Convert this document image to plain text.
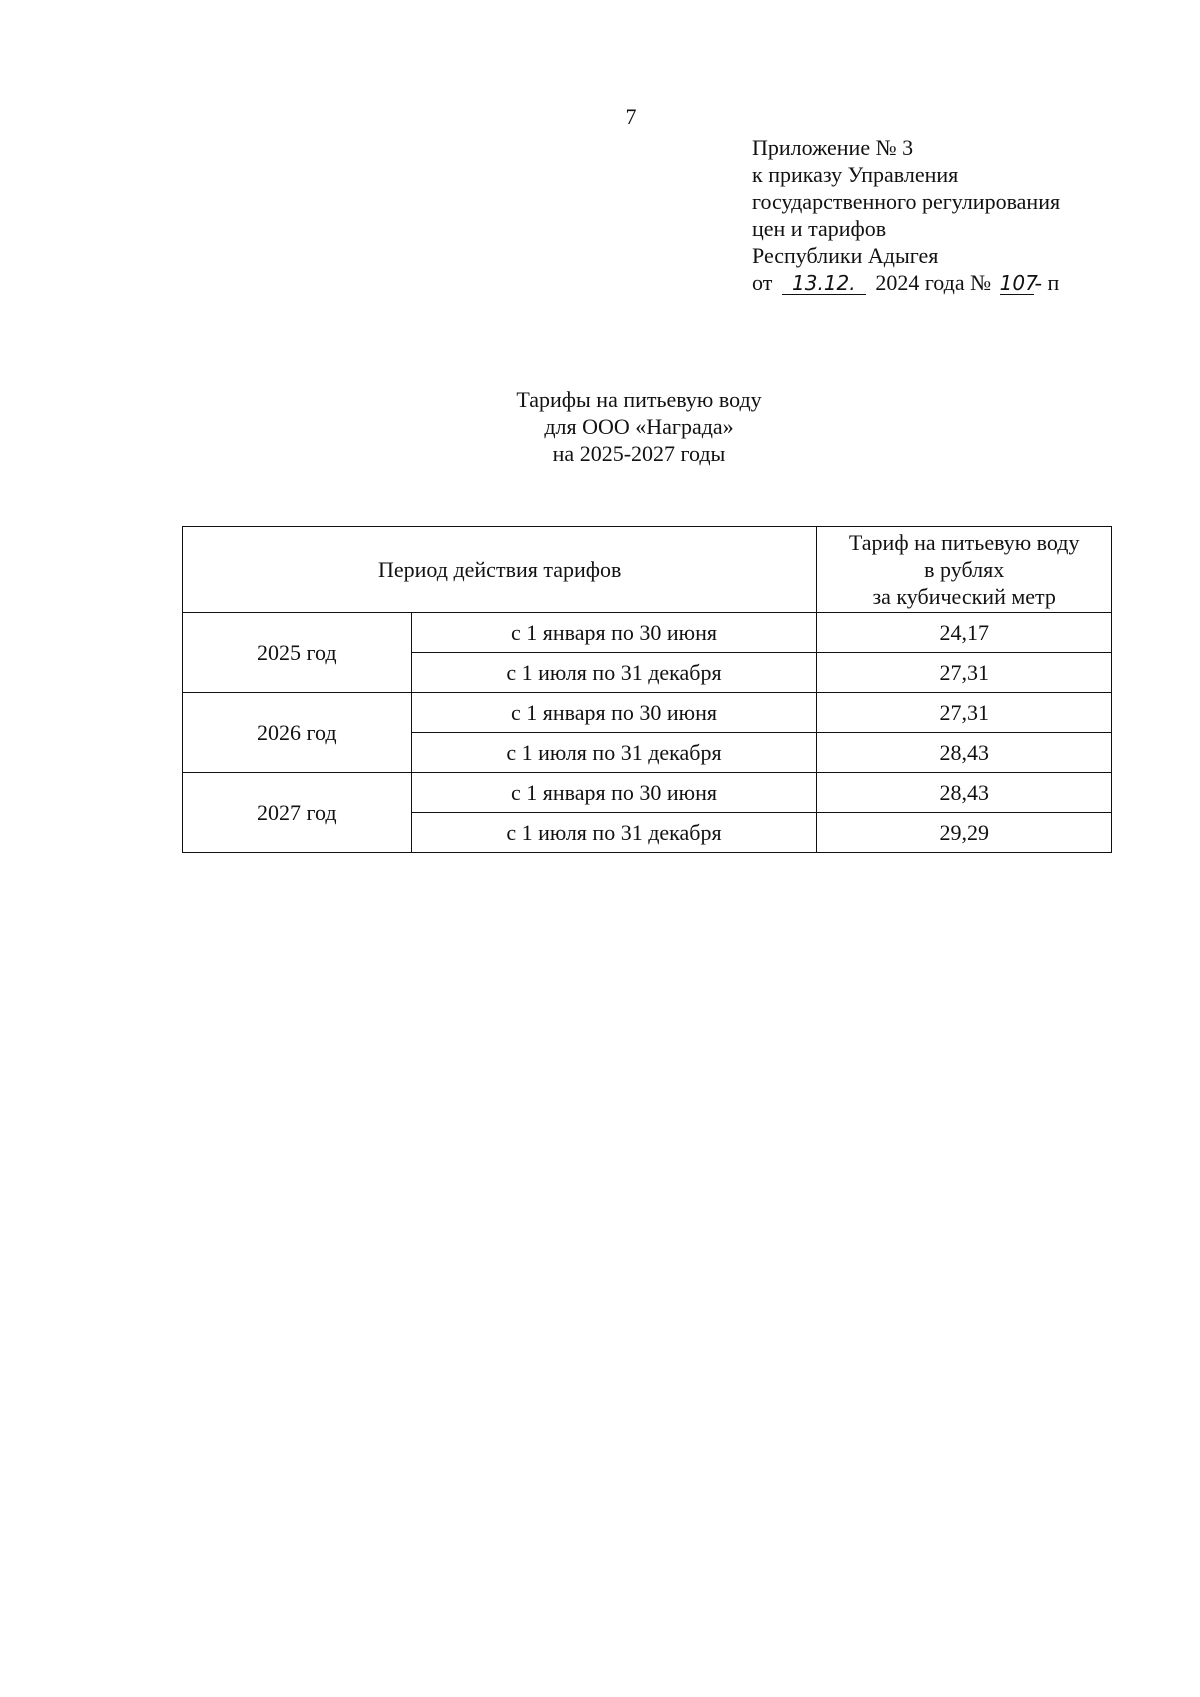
7
Приложение № 3
к приказу Управления
государственного регулирования
цен и тарифов
Республики Адыгея
от 13.12. 2024 года № 107- п
Тарифы на питьевую воду
для ООО «Награда»
на 2025-2027 годы
Период действия тарифов		Тариф на питьевую воду
в рублях
за кубический метр

2025 год	с 1 января по 30 июня	24,17
	с 1 июля по 31 декабря	27,31
2026 год	с 1 января по 30 июня	27,31
	с 1 июля по 31 декабря	28,43
2027 год	с 1 января по 30 июня	28,43
	с 1 июля по 31 декабря	29,29
